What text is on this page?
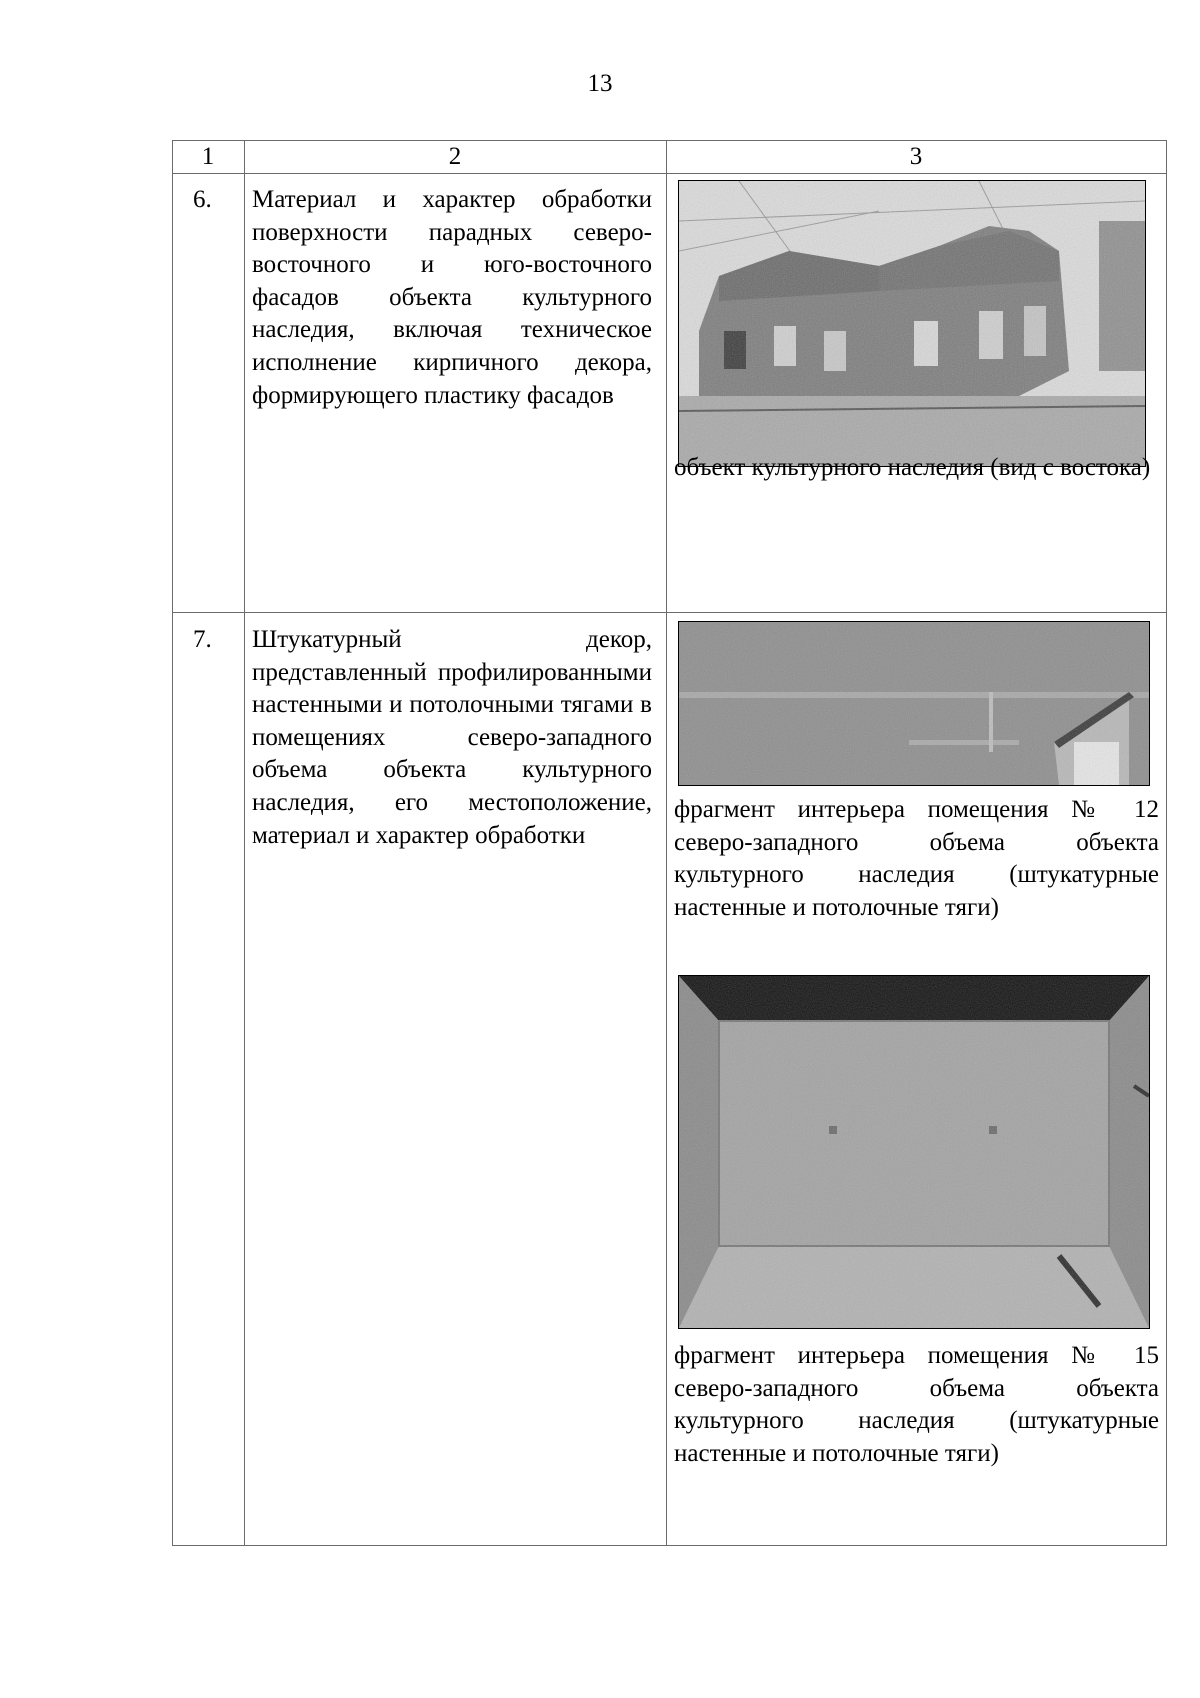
13
1	2	3
6. Материал и характер обработки поверхности парадных северо-восточного и юго-восточного фасадов объекта культурного наследия, включая техническое исполнение кирпичного декора, формирующего пластику фасадов
объект культурного наследия (вид с востока)
7. Штукатурный декор, представленный профилированными настенными и потолочными тягами в помещениях северо-западного объема объекта культурного наследия, его местоположение, материал и характер обработки
фрагмент интерьера помещения № 12 северо-западного объема объекта культурного наследия (штукатурные настенные и потолочные тяги)
фрагмент интерьера помещения № 15 северо-западного объема объекта культурного наследия (штукатурные настенные и потолочные тяги)
